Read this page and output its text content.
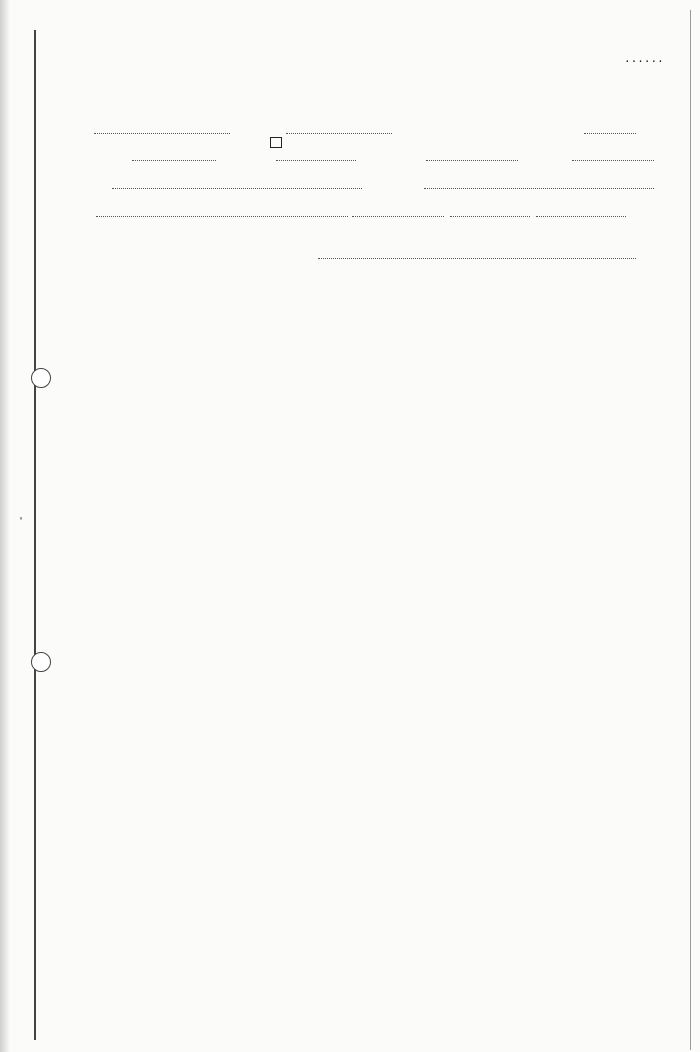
......
'
